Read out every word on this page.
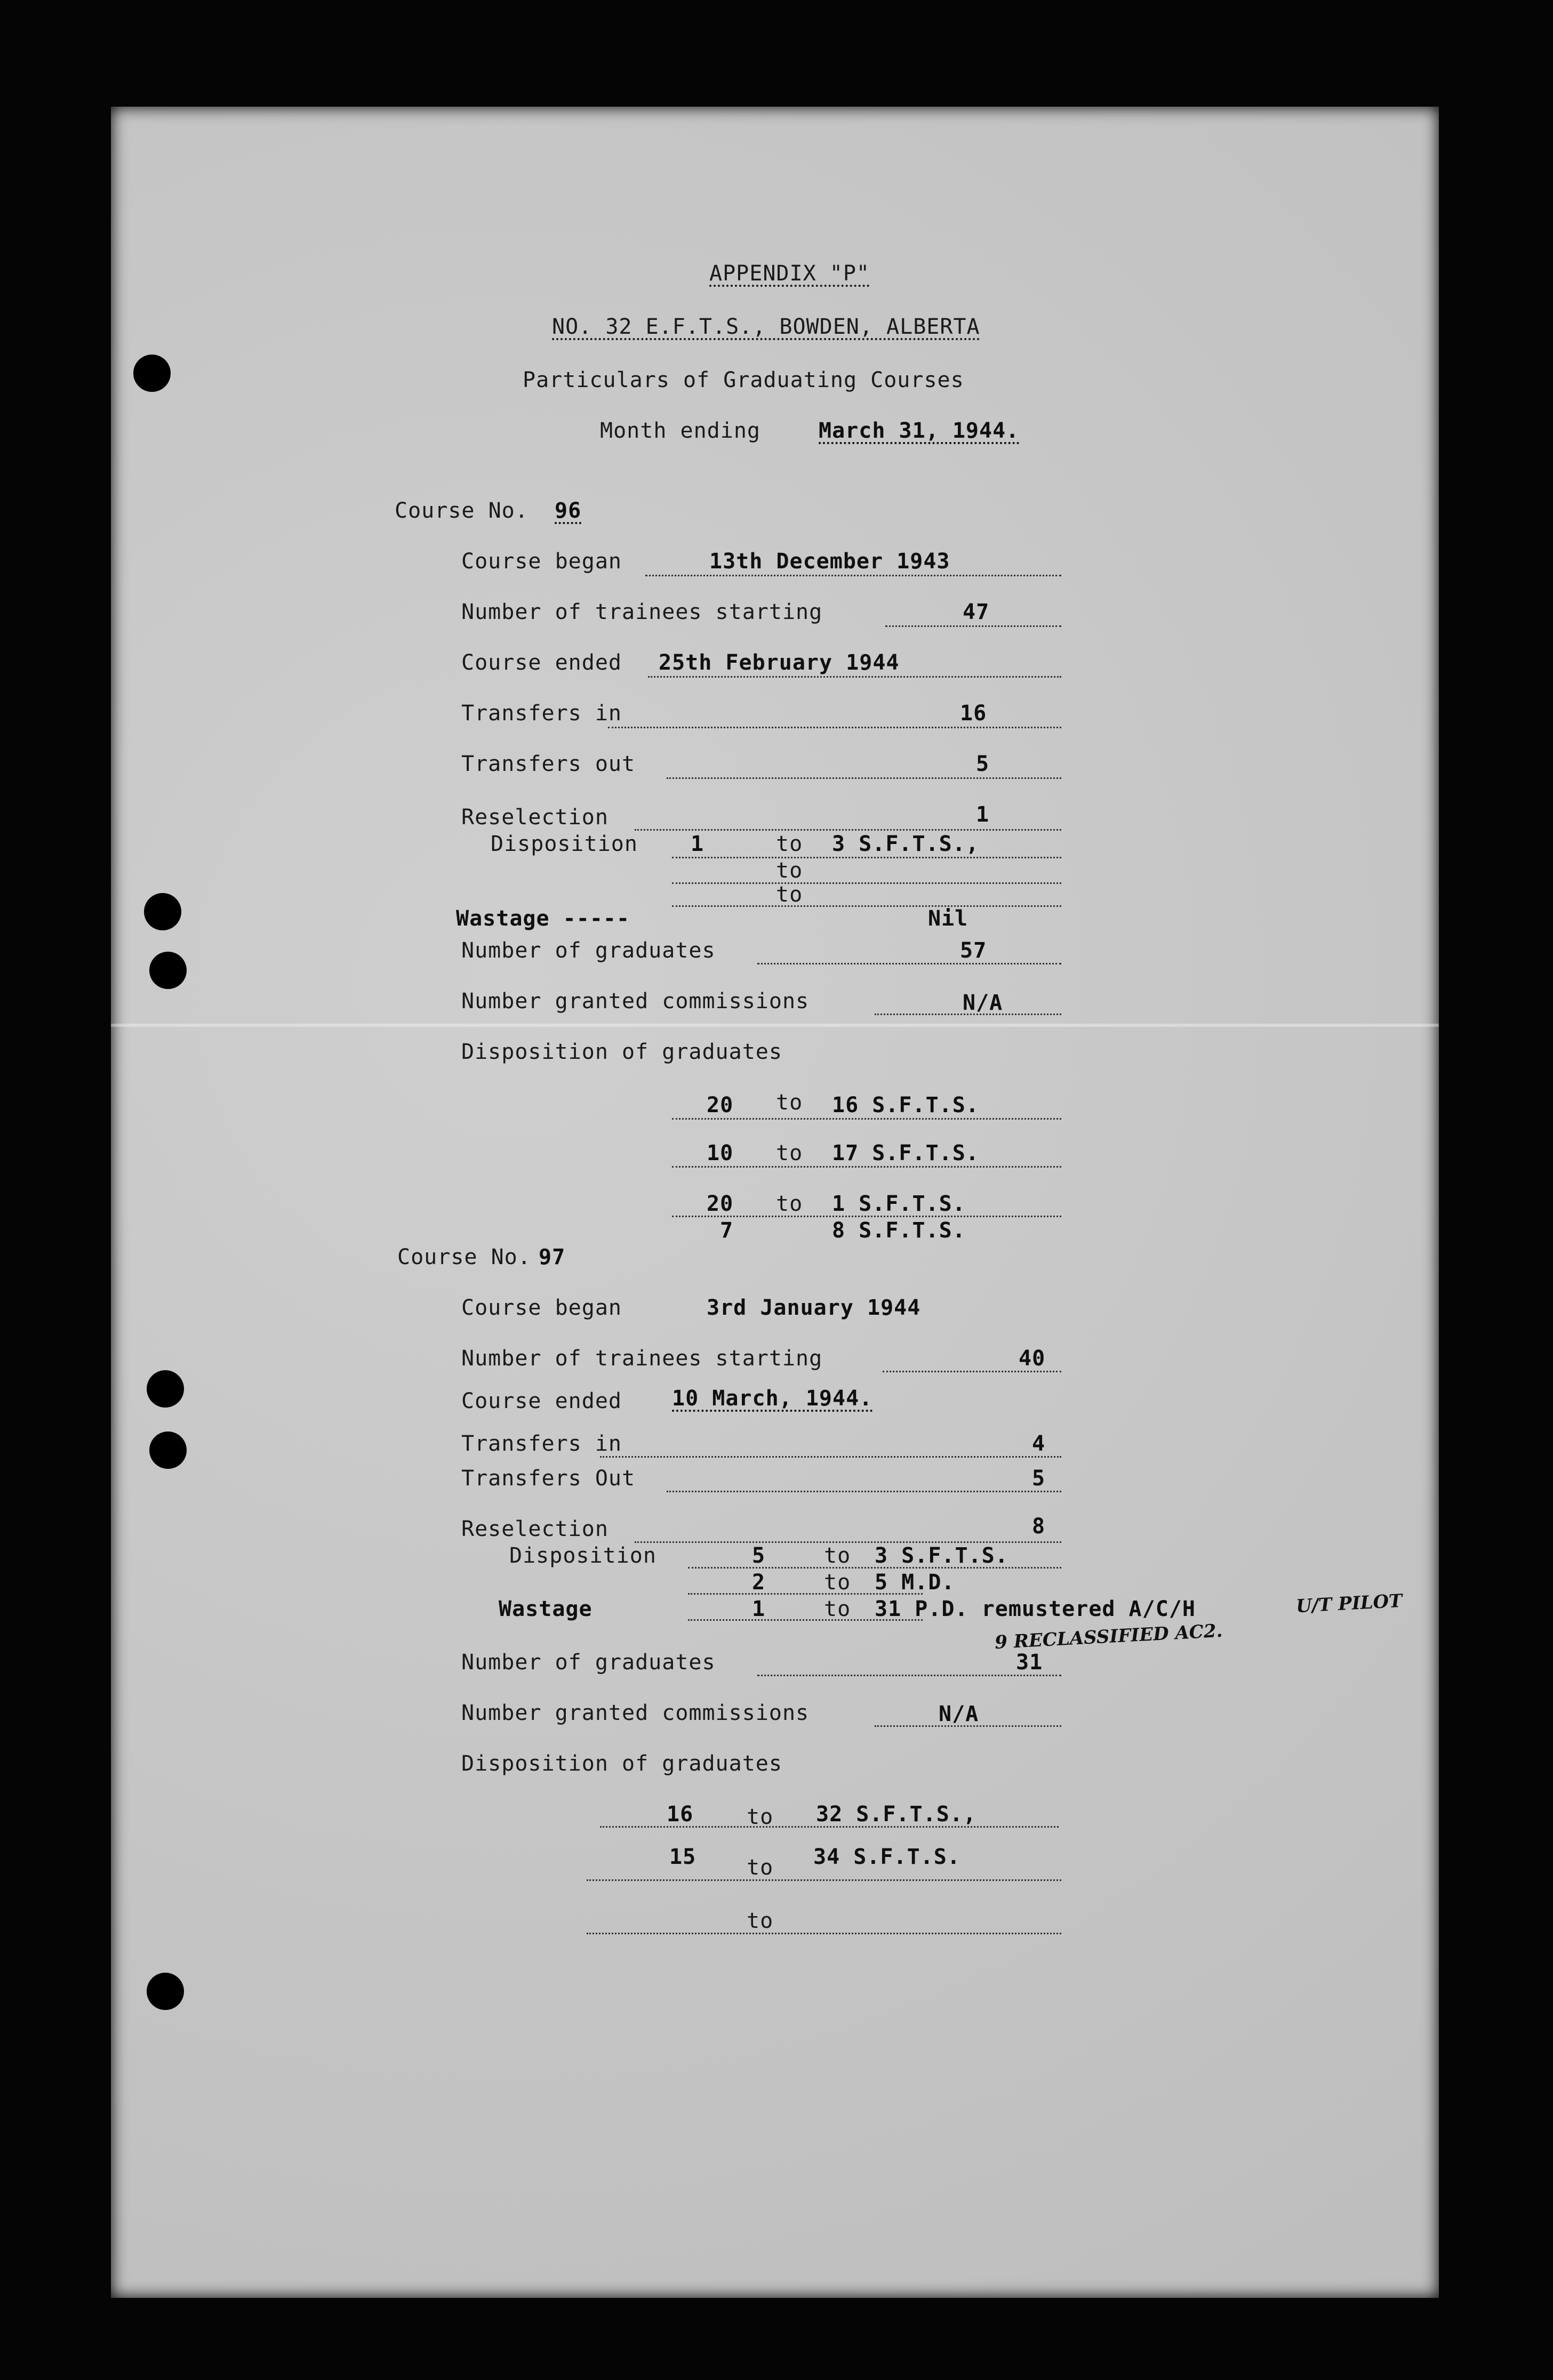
APPENDIX "P"
NO. 32 E.F.T.S., BOWDEN, ALBERTA
Particulars of Graduating Courses
Month ending	March 31, 1944.
Course No. 96
Course began	13th December 1943
Number of trainees starting	47
Course ended 25th February 1944
Transfers in	16
Transfers out	5
Reselection	1
Disposition 1	to 3 S.F.T.S.,
to
to
Wastage -----	Nil
Number of graduates	57
Number granted commissions	N/A
Disposition of graduates
20 to 16 S.F.T.S.
10 to 17 S.F.T.S.
20 to 1 S.F.T.S.
7	8 S.F.T.S.
Course No. 97
Course began	3rd January 1944
Number of trainees starting	40
Course ended 10 March, 1944.
Transfers in	4
Transfers Out	5
Reselection	8
Disposition	5	to 3 S.F.T.S.
2	to 5 M.D.
Wastage	1	to 31 P.D. remustered A/C/H	U/T PILOT
9 RECLASSIFIED AC2.
Number of graduates	31
Number granted commissions	N/A
Disposition of graduates
16 to 32 S.F.T.S.,
15 to 34 S.F.T.S.
to
